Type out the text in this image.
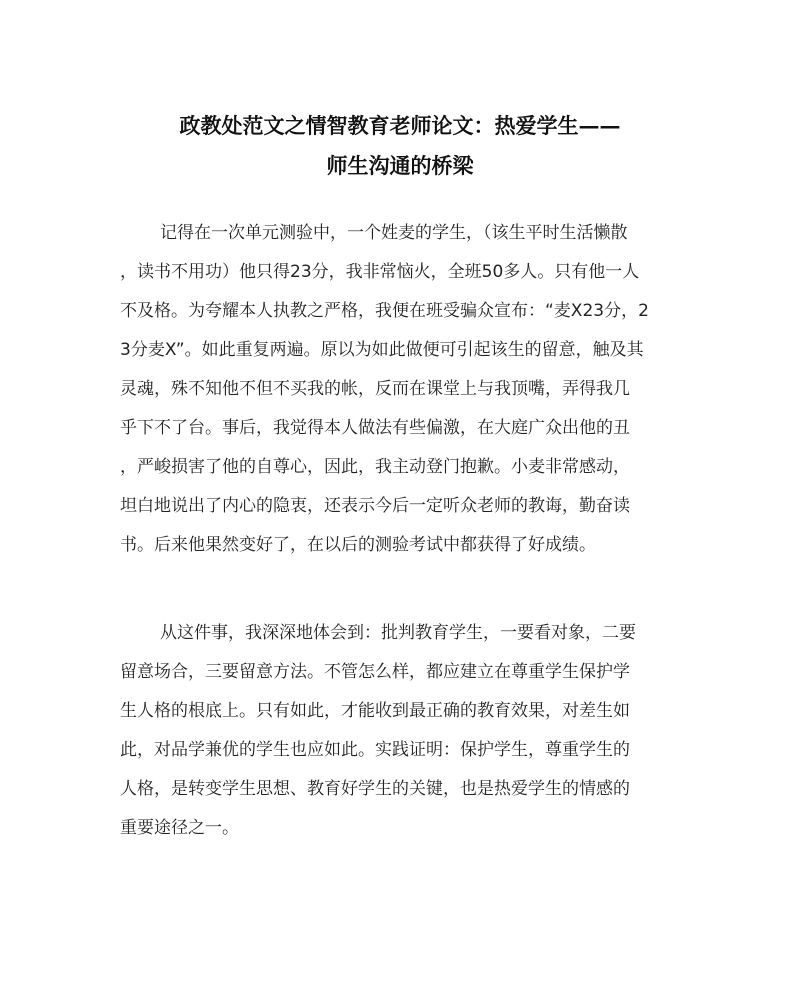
政教处范文之情智教育老师论文：热爱学生——
师生沟通的桥梁
记得在一次单元测验中，一个姓麦的学生，（该生平时生活懒散
，读书不用功）他只得23分，我非常恼火，全班50多人。只有他一人
不及格。为夸耀本人执教之严格，我便在班受骗众宣布：“麦X23分，2
3分麦X”。如此重复两遍。原以为如此做便可引起该生的留意，触及其
灵魂，殊不知他不但不买我的帐，反而在课堂上与我顶嘴，弄得我几
乎下不了台。事后，我觉得本人做法有些偏激，在大庭广众出他的丑
，严峻损害了他的自尊心，因此，我主动登门抱歉。小麦非常感动，
坦白地说出了内心的隐衷，还表示今后一定听众老师的教诲，勤奋读
书。后来他果然变好了，在以后的测验考试中都获得了好成绩。
从这件事，我深深地体会到：批判教育学生，一要看对象，二要
留意场合，三要留意方法。不管怎么样，都应建立在尊重学生保护学
生人格的根底上。只有如此，才能收到最正确的教育效果，对差生如
此，对品学兼优的学生也应如此。实践证明：保护学生，尊重学生的
人格，是转变学生思想、教育好学生的关键，也是热爱学生的情感的
重要途径之一。
